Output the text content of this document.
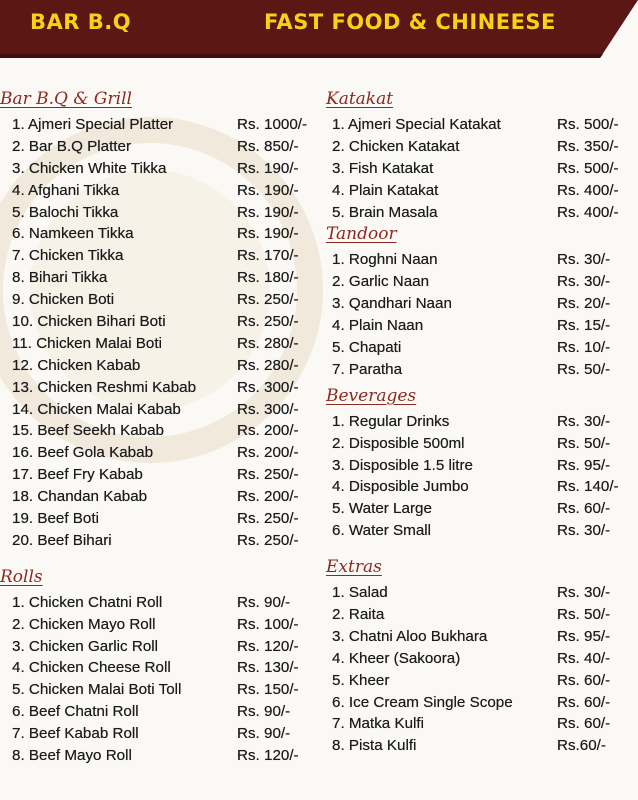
BAR B.Q	FAST FOOD & CHINEESE
Bar B.Q & Grill
1. Ajmeri Special Platter	Rs. 1000/-
2. Bar B.Q Platter	Rs. 850/-
3. Chicken White Tikka	Rs. 190/-
4. Afghani Tikka	Rs. 190/-
5. Balochi Tikka	Rs. 190/-
6. Namkeen Tikka	Rs. 190/-
7. Chicken Tikka	Rs. 170/-
8. Bihari Tikka	Rs. 180/-
9. Chicken Boti	Rs. 250/-
10. Chicken Bihari Boti	Rs. 250/-
11. Chicken Malai Boti	Rs. 280/-
12. Chicken Kabab	Rs. 280/-
13. Chicken Reshmi Kabab	Rs. 300/-
14. Chicken Malai Kabab	Rs. 300/-
15. Beef Seekh Kabab	Rs. 200/-
16. Beef Gola Kabab	Rs. 200/-
17. Beef Fry Kabab	Rs. 250/-
18. Chandan Kabab	Rs. 200/-
19. Beef Boti	Rs. 250/-
20. Beef Bihari	Rs. 250/-
Rolls
1. Chicken Chatni Roll	Rs. 90/-
2. Chicken Mayo Roll	Rs. 100/-
3. Chicken Garlic Roll	Rs. 120/-
4. Chicken Cheese Roll	Rs. 130/-
5. Chicken Malai Boti Toll	Rs. 150/-
6. Beef Chatni Roll	Rs. 90/-
7. Beef Kabab Roll	Rs. 90/-
8. Beef Mayo Roll	Rs. 120/-
Katakat
1. Ajmeri Special Katakat	Rs. 500/-
2. Chicken Katakat	Rs. 350/-
3. Fish Katakat	Rs. 500/-
4. Plain Katakat	Rs. 400/-
5. Brain Masala	Rs. 400/-
Tandoor
1. Roghni Naan	Rs. 30/-
2. Garlic Naan	Rs. 30/-
3. Qandhari Naan	Rs. 20/-
4. Plain Naan	Rs. 15/-
5. Chapati	Rs. 10/-
7. Paratha	Rs. 50/-
Beverages
1. Regular Drinks	Rs. 30/-
2. Disposible 500ml	Rs. 50/-
3. Disposible 1.5 litre	Rs. 95/-
4. Disposible Jumbo	Rs. 140/-
5. Water Large	Rs. 60/-
6. Water Small	Rs. 30/-
Extras
1. Salad	Rs. 30/-
2. Raita	Rs. 50/-
3. Chatni Aloo Bukhara	Rs. 95/-
4. Kheer (Sakoora)	Rs. 40/-
5. Kheer	Rs. 60/-
6. Ice Cream Single Scope	Rs. 60/-
7. Matka Kulfi	Rs. 60/-
8. Pista Kulfi	Rs.60/-
